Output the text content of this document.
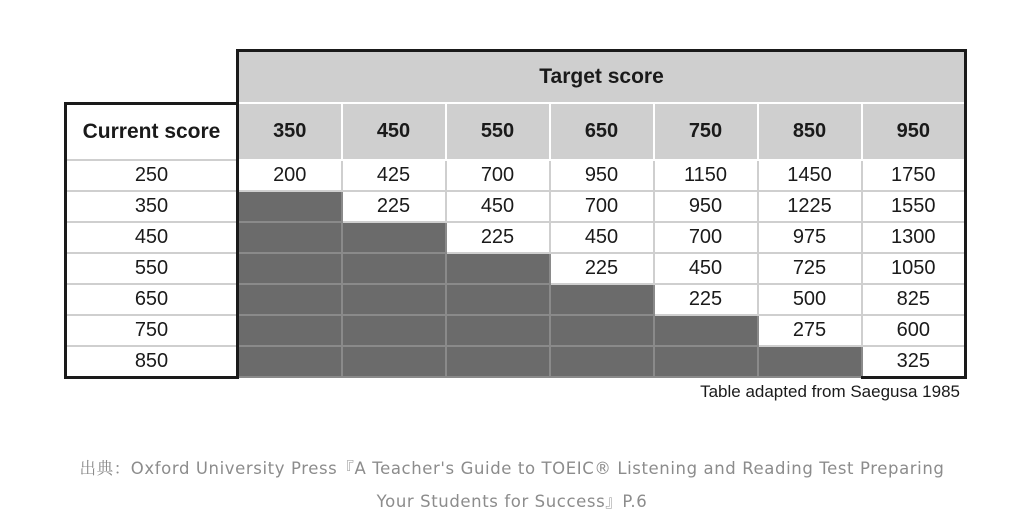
	Target score						
Current score	350	450	550	650	750	850	950
250	200	425	700	950	1150	1450	1750
350		225	450	700	950	1225	1550
450			225	450	700	975	1300
550				225	450	725	1050
650					225	500	825
750						275	600
850							325
Table adapted from Saegusa 1985
出典：Oxford University Press『A Teacher's Guide to TOEIC® Listening and Reading Test Preparing
Your Students for Success』P.6
